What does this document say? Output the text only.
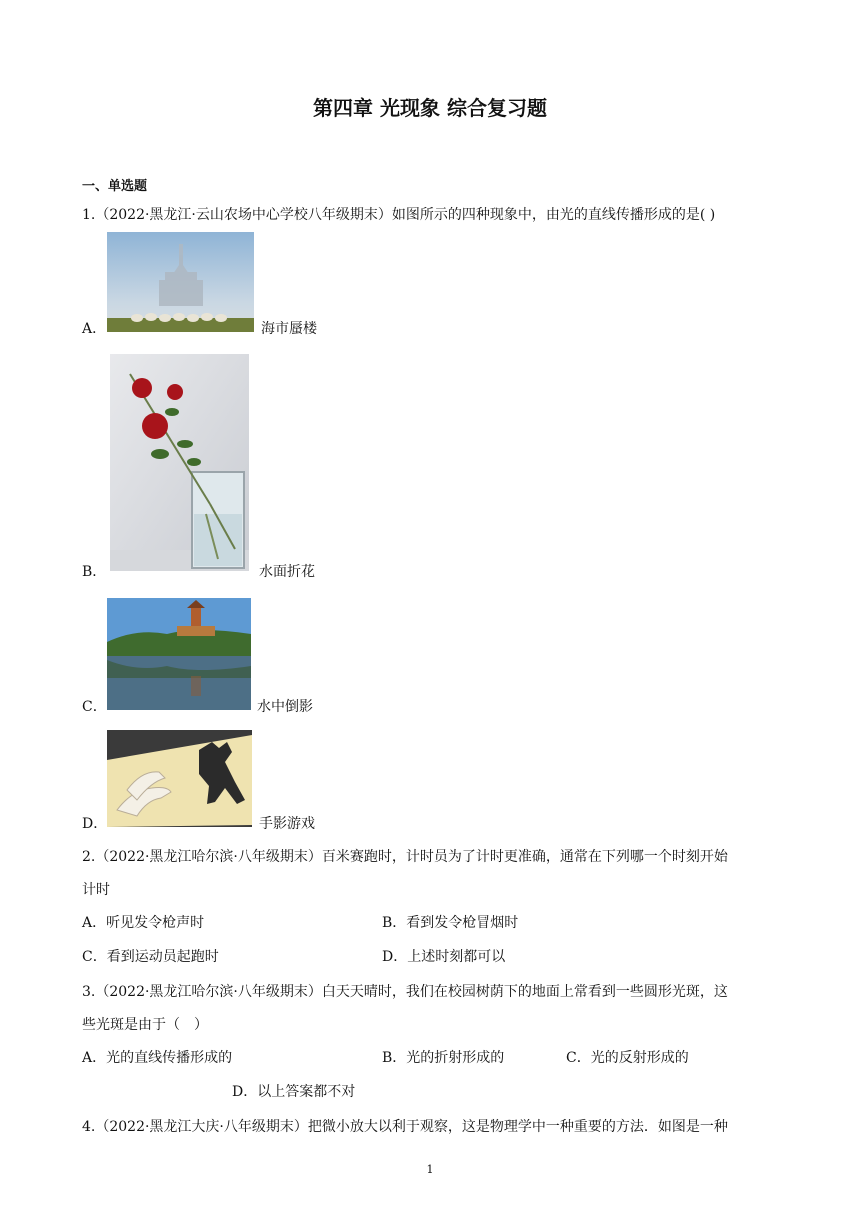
第四章 光现象 综合复习题
一、单选题
1.（2022·黑龙江·云山农场中心学校八年级期末）如图所示的四种现象中，由光的直线传播形成的是( )
A．	海市蜃楼
B．	水面折花
C．	水中倒影
D．	手影游戏
2.（2022·黑龙江哈尔滨·八年级期末）百米赛跑时，计时员为了计时更准确，通常在下列哪一个时刻开始
计时
A．听见发令枪声时	B．看到发令枪冒烟时
C．看到运动员起跑时	D．上述时刻都可以
3.（2022·黑龙江哈尔滨·八年级期末）白天天晴时，我们在校园树荫下的地面上常看到一些圆形光斑，这
些光斑是由于（　）
A．光的直线传播形成的	B．光的折射形成的	C．光的反射形成的
D．以上答案都不对
4.（2022·黑龙江大庆·八年级期末）把微小放大以利于观察，这是物理学中一种重要的方法．如图是一种
1
